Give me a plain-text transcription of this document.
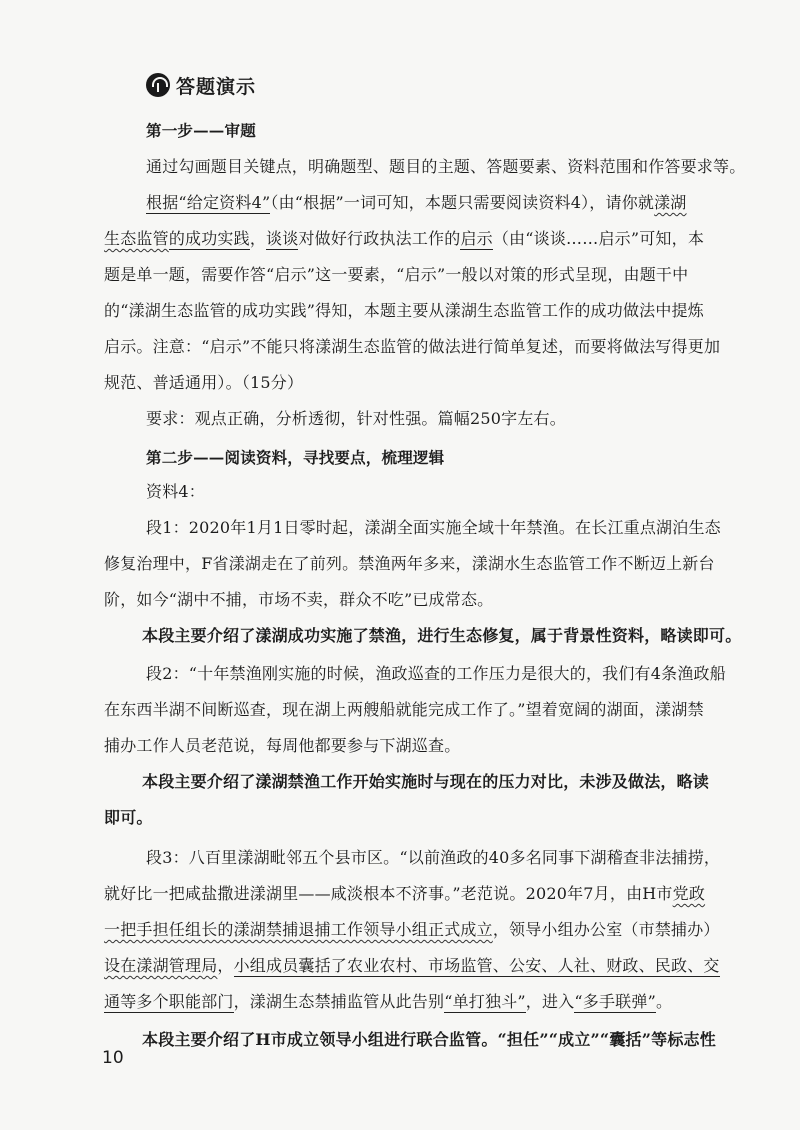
答题演示
第一步——审题
通过勾画题目关键点，明确题型、题目的主题、答题要素、资料范围和作答要求等。
根据“给定资料4”（由“根据”一词可知，本题只需要阅读资料4），请你就漾湖
生态监管的成功实践，谈谈对做好行政执法工作的启示（由“谈谈……启示”可知，本
题是单一题，需要作答“启示”这一要素，“启示”一般以对策的形式呈现，由题干中
的“漾湖生态监管的成功实践”得知，本题主要从漾湖生态监管工作的成功做法中提炼
启示。注意：“启示”不能只将漾湖生态监管的做法进行简单复述，而要将做法写得更加
规范、普适通用）。（15分）
要求：观点正确，分析透彻，针对性强。篇幅250字左右。
第二步——阅读资料，寻找要点，梳理逻辑
资料4：
段1：2020年1月1日零时起，漾湖全面实施全域十年禁渔。在长江重点湖泊生态
修复治理中，F省漾湖走在了前列。禁渔两年多来，漾湖水生态监管工作不断迈上新台
阶，如今“湖中不捕，市场不卖，群众不吃”已成常态。
本段主要介绍了漾湖成功实施了禁渔，进行生态修复，属于背景性资料，略读即可。
段2：“十年禁渔刚实施的时候，渔政巡查的工作压力是很大的，我们有4条渔政船
在东西半湖不间断巡查，现在湖上两艘船就能完成工作了。”望着宽阔的湖面，漾湖禁
捕办工作人员老范说，每周他都要参与下湖巡查。
本段主要介绍了漾湖禁渔工作开始实施时与现在的压力对比，未涉及做法，略读
即可。
段3：八百里漾湖毗邻五个县市区。“以前渔政的40多名同事下湖稽查非法捕捞，
就好比一把咸盐撒进漾湖里——咸淡根本不济事。”老范说。2020年7月，由H市党政
一把手担任组长的漾湖禁捕退捕工作领导小组正式成立，领导小组办公室（市禁捕办）
设在漾湖管理局，小组成员囊括了农业农村、市场监管、公安、人社、财政、民政、交
通等多个职能部门，漾湖生态禁捕监管从此告别“单打独斗”，进入“多手联弹”。
本段主要介绍了H市成立领导小组进行联合监管。“担任”“成立”“囊括”等标志性
10
